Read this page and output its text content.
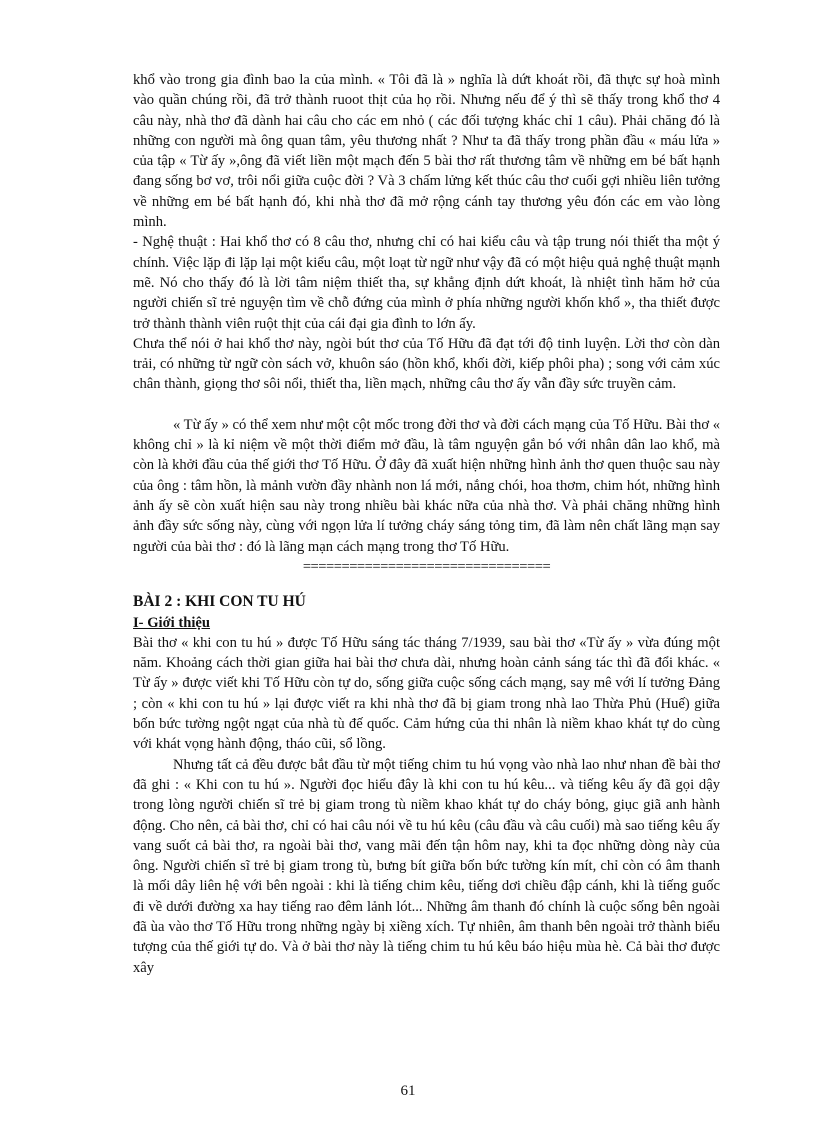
khổ vào trong gia đình bao la của mình. « Tôi đã là » nghĩa là dứt khoát rồi, đã thực sự hoà mình vào quần chúng rồi, đã trở thành ruoot thịt của họ rồi. Nhưng nếu để ý thì sẽ thấy trong khổ thơ 4 câu này, nhà thơ đã dành hai câu cho các em nhỏ ( các đối tượng khác chỉ 1 câu). Phải chăng đó là những con người mà ông quan tâm, yêu thương nhất ? Như ta đã thấy trong phần đầu « máu lửa » của tập « Từ ấy »,ông đã viết liền một mạch đến 5 bài thơ rất thương tâm về những em bé bất hạnh đang sống bơ vơ, trôi nổi giữa cuộc đời ? Và 3 chấm lửng kết thúc câu thơ cuối gợi nhiều liên tưởng về những em bé bất hạnh đó, khi nhà thơ đã mở rộng cánh tay thương yêu đón các em vào lòng mình.

- Nghệ thuật : Hai khổ thơ có 8 câu thơ, nhưng chỉ có hai kiểu câu và tập trung nói thiết tha một ý chính. Việc lặp đi lặp lại một kiểu câu, một loạt từ ngữ như vậy đã có một hiệu quả nghệ thuật mạnh mẽ. Nó cho thấy đó là lời tâm niệm thiết tha, sự khẳng định dứt khoát, là nhiệt tình hăm hở của người chiến sĩ trẻ nguyện tìm về chỗ đứng của mình ở phía những người khốn khổ », tha thiết được trở thành thành viên ruột thịt của cái đại gia đình to lớn ấy.

Chưa thể nói ở hai khổ thơ này, ngòi bút thơ của Tố Hữu đã đạt tới độ tinh luyện. Lời thơ còn dàn trải, có những từ ngữ còn sách vở, khuôn sáo (hồn khổ, khối đời, kiếp phôi pha) ; song với cảm xúc chân thành, giọng thơ sôi nổi, thiết tha, liền mạch, những câu thơ ấy vẫn đầy sức truyền cảm.

« Từ ấy » có thể xem như một cột mốc trong đời thơ và đời cách mạng của Tố Hữu. Bài thơ « không chỉ » là kỉ niệm về một thời điểm mở đầu, là tâm nguyện gắn bó với nhân dân lao khổ, mà còn là khởi đầu của thế giới thơ Tố Hữu. Ở đây đã xuất hiện những hình ảnh thơ quen thuộc sau này của ông : tâm hồn, là mảnh vườn đầy nhành non lá mới, nắng chói, hoa thơm, chim hót, những hình ảnh ấy sẽ còn xuất hiện sau này trong nhiều bài khác nữa của nhà thơ. Và phải chăng những hình ảnh đầy sức sống này, cùng với ngọn lửa lí tưởng cháy sáng tỏng tim, đã làm nên chất lãng mạn say người của bài thơ : đó là lãng mạn cách mạng trong thơ Tố Hữu.

================================

BÀI 2 : KHI CON TU HÚ

I- Giới thiệu

Bài thơ « khi con tu hú » được Tố Hữu sáng tác tháng 7/1939, sau bài thơ «Từ ấy » vừa đúng một năm. Khoảng cách thời gian giữa hai bài thơ chưa dài, nhưng hoàn cảnh sáng tác thì đã đổi khác. « Từ ấy » được viết khi Tố Hữu còn tự do, sống giữa cuộc sống cách mạng, say mê với lí tưởng Đảng ; còn « khi con tu hú » lại được viết ra khi nhà thơ đã bị giam trong nhà lao Thừa Phủ (Huế) giữa bốn bức tường ngột ngạt của nhà tù đế quốc. Cảm hứng của thi nhân là niềm khao khát tự do cùng với khát vọng hành động, tháo cũi, sổ lồng.

Nhưng tất cả đều được bắt đầu từ một tiếng chim tu hú vọng vào nhà lao như nhan đề bài thơ đã ghi : « Khi con tu hú ». Người đọc hiểu đây là khi con tu hú kêu... và tiếng kêu ấy đã gọi dậy trong lòng người chiến sĩ trẻ bị giam trong tù niềm khao khát tự do cháy bỏng, giục giã anh hành động. Cho nên, cả bài thơ, chỉ có hai câu nói về tu hú kêu (câu đầu và câu cuối) mà sao tiếng kêu ấy vang suốt cả bài thơ, ra ngoài bài thơ, vang mãi đến tận hôm nay, khi ta đọc những dòng này của ông. Người chiến sĩ trẻ bị giam trong tù, bưng bít giữa bốn bức tường kín mít, chỉ còn có âm thanh là mối dây liên hệ với bên ngoài : khi là tiếng chim kêu, tiếng dơi chiều đập cánh, khi là tiếng guốc đi về dưới đường xa hay tiếng rao đêm lảnh lót... Những âm thanh đó chính là cuộc sống bên ngoài đã ùa vào thơ Tố Hữu trong những ngày bị xiềng xích. Tự nhiên, âm thanh bên ngoài trở thành biểu tượng của thế giới tự do. Và ở bài thơ này là tiếng chim tu hú kêu báo hiệu mùa hè. Cả bài thơ được xây

61
